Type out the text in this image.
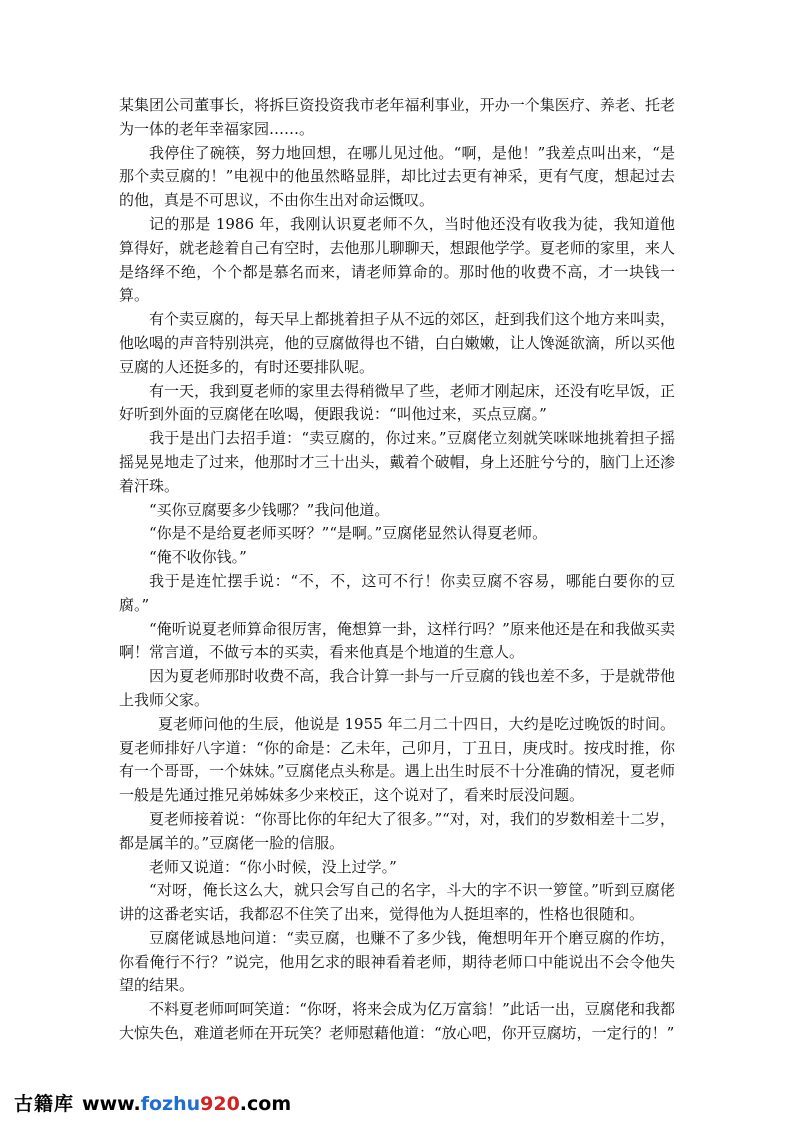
某集团公司董事长，将拆巨资投资我市老年福利事业，开办一个集医疗、养老、托老为一体的老年幸福家园……。

我停住了碗筷，努力地回想，在哪儿见过他。“啊，是他！”我差点叫出来，“是那个卖豆腐的！”电视中的他虽然略显胖，却比过去更有神采，更有气度，想起过去的他，真是不可思议，不由你生出对命运慨叹。

记的那是 1986 年，我刚认识夏老师不久，当时他还没有收我为徒，我知道他算得好，就老趁着自己有空时，去他那儿聊聊天，想跟他学学。夏老师的家里，来人是络绎不绝，个个都是慕名而来，请老师算命的。那时他的收费不高，才一块钱一算。

有个卖豆腐的，每天早上都挑着担子从不远的郊区，赶到我们这个地方来叫卖，他吆喝的声音特别洪亮，他的豆腐做得也不错，白白嫩嫩，让人馋涎欲滴，所以买他豆腐的人还挺多的，有时还要排队呢。

有一天，我到夏老师的家里去得稍微早了些，老师才刚起床，还没有吃早饭，正好听到外面的豆腐佬在吆喝，便跟我说：“叫他过来，买点豆腐。”

我于是出门去招手道：“卖豆腐的，你过来。”豆腐佬立刻就笑咪咪地挑着担子摇摇晃晃地走了过来，他那时才三十出头，戴着个破帽，身上还脏兮兮的，脑门上还渗着汗珠。

“买你豆腐要多少钱哪？”我问他道。

“你是不是给夏老师买呀？”“是啊。”豆腐佬显然认得夏老师。

“俺不收你钱。”

我于是连忙摆手说：“不，不，这可不行！你卖豆腐不容易，哪能白要你的豆腐。”

“俺听说夏老师算命很厉害，俺想算一卦，这样行吗？”原来他还是在和我做买卖啊！常言道，不做亏本的买卖，看来他真是个地道的生意人。

因为夏老师那时收费不高，我合计算一卦与一斤豆腐的钱也差不多，于是就带他上我师父家。

夏老师问他的生辰，他说是 1955 年二月二十四日，大约是吃过晚饭的时间。夏老师排好八字道：“你的命是：乙未年，己卯月，丁丑日，庚戌时。按戌时推，你有一个哥哥，一个妹妹。”豆腐佬点头称是。遇上出生时辰不十分准确的情况，夏老师一般是先通过推兄弟姊妹多少来校正，这个说对了，看来时辰没问题。

夏老师接着说：“你哥比你的年纪大了很多。”“对，对，我们的岁数相差十二岁，都是属羊的。”豆腐佬一脸的信服。

老师又说道：“你小时候，没上过学。”

“对呀，俺长这么大，就只会写自己的名字，斗大的字不识一箩筐。”听到豆腐佬讲的这番老实话，我都忍不住笑了出来，觉得他为人挺坦率的，性格也很随和。

豆腐佬诚恳地问道：“卖豆腐，也赚不了多少钱，俺想明年开个磨豆腐的作坊，你看俺行不行？”说完，他用乞求的眼神看着老师，期待老师口中能说出不会令他失望的结果。

不料夏老师呵呵笑道：“你呀，将来会成为亿万富翁！”此话一出，豆腐佬和我都大惊失色，难道老师在开玩笑？老师慰藉他道：“放心吧，你开豆腐坊，一定行的！”

古籍库 www.fozhu920.com
